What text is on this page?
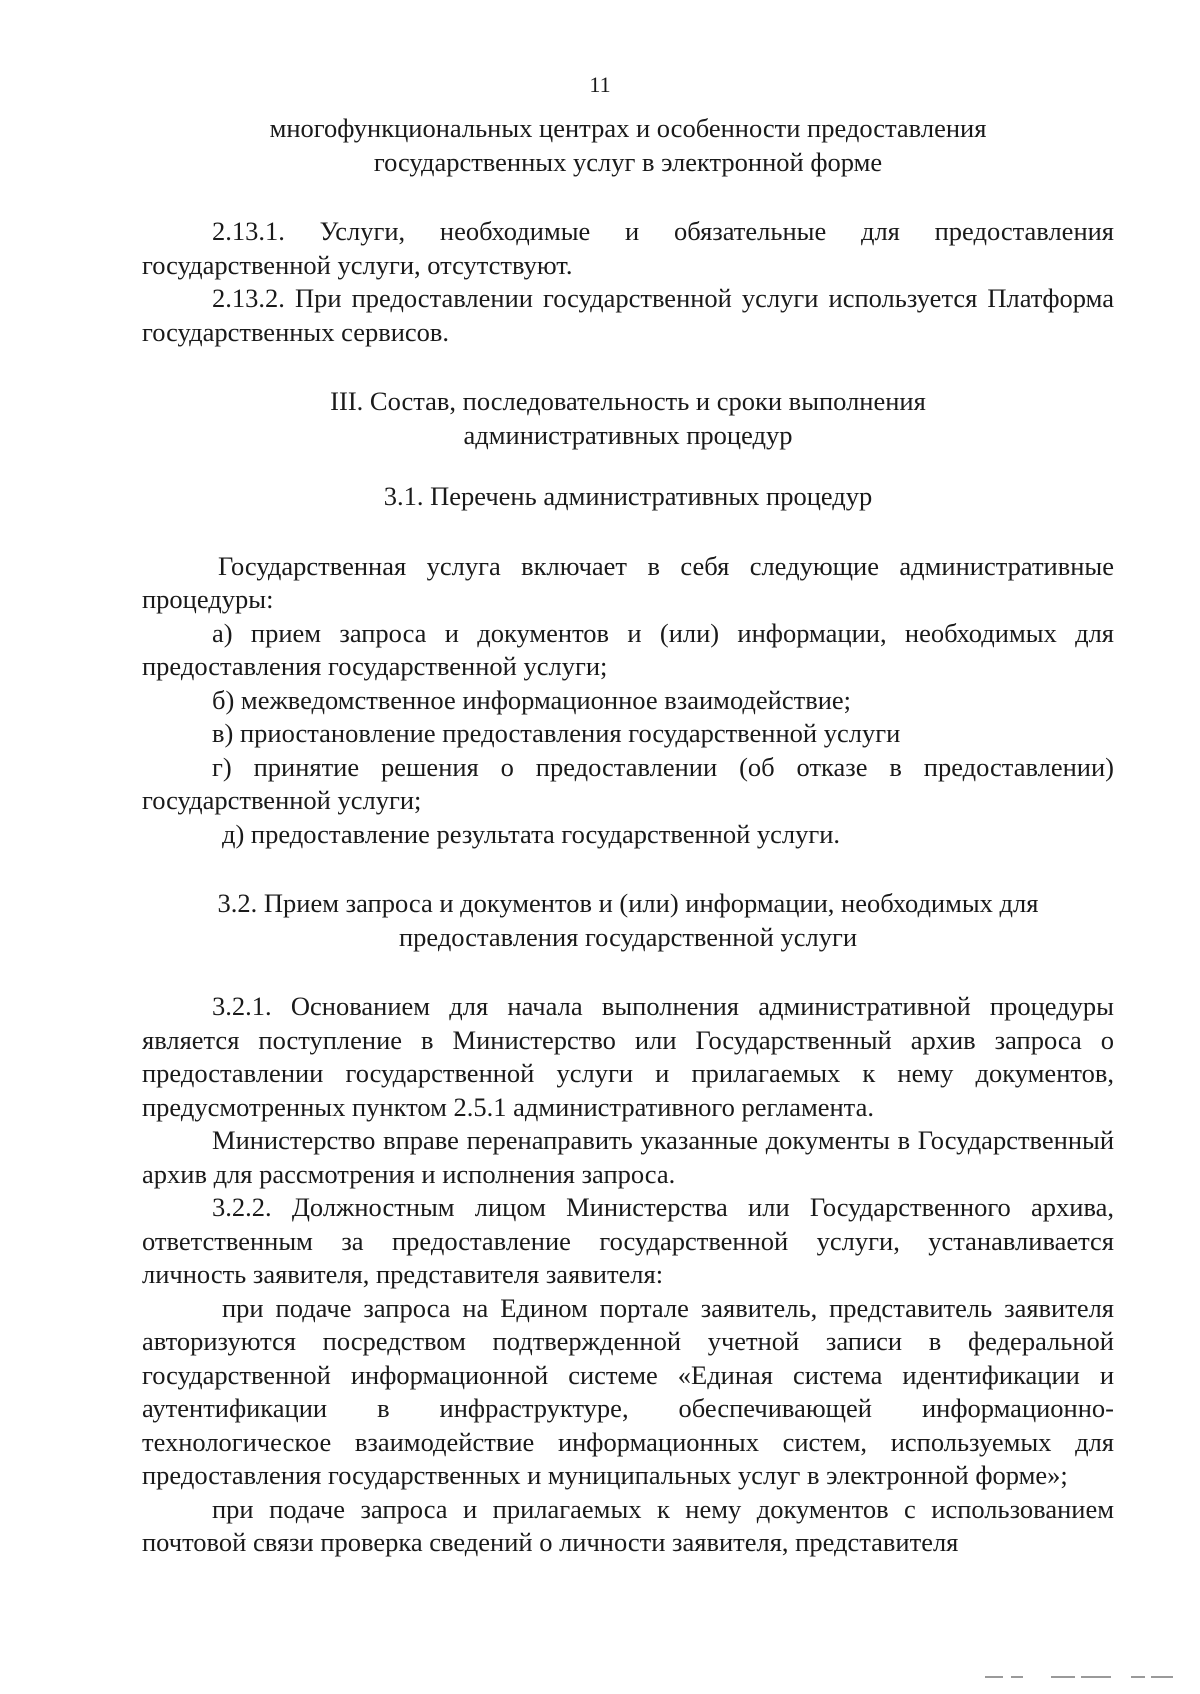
11
многофункциональных центрах и особенности предоставления
государственных услуг в электронной форме

2.13.1. Услуги, необходимые и обязательные для предоставления государственной услуги, отсутствуют.

2.13.2. При предоставлении государственной услуги используется Платформа государственных сервисов.

III. Состав, последовательность и сроки выполнения
административных процедур
3.1. Перечень административных процедур

Государственная услуга включает в себя следующие административные процедуры:

а) прием запроса и документов и (или) информации, необходимых для предоставления государственной услуги;

б) межведомственное информационное взаимодействие;

в) приостановление предоставления государственной услуги

г) принятие решения о предоставлении (об отказе в предоставлении) государственной услуги;

д) предоставление результата государственной услуги.

3.2. Прием запроса и документов и (или) информации, необходимых для
предоставления государственной услуги

3.2.1. Основанием для начала выполнения административной процедуры является поступление в Министерство или Государственный архив запроса о предоставлении государственной услуги и прилагаемых к нему документов, предусмотренных пунктом 2.5.1 административного регламента.

Министерство вправе перенаправить указанные документы в Государственный архив для рассмотрения и исполнения запроса.

3.2.2. Должностным лицом Министерства или Государственного архива, ответственным за предоставление государственной услуги, устанавливается личность заявителя, представителя заявителя:

при подаче запроса на Едином портале заявитель, представитель заявителя авторизуются посредством подтвержденной учетной записи в федеральной государственной информационной системе «Единая система идентификации и аутентификации в инфраструктуре, обеспечивающей информационно-технологическое взаимодействие информационных систем, используемых для предоставления государственных и муниципальных услуг в электронной форме»;

при подаче запроса и прилагаемых к нему документов с использованием почтовой связи проверка сведений о личности заявителя, представителя
